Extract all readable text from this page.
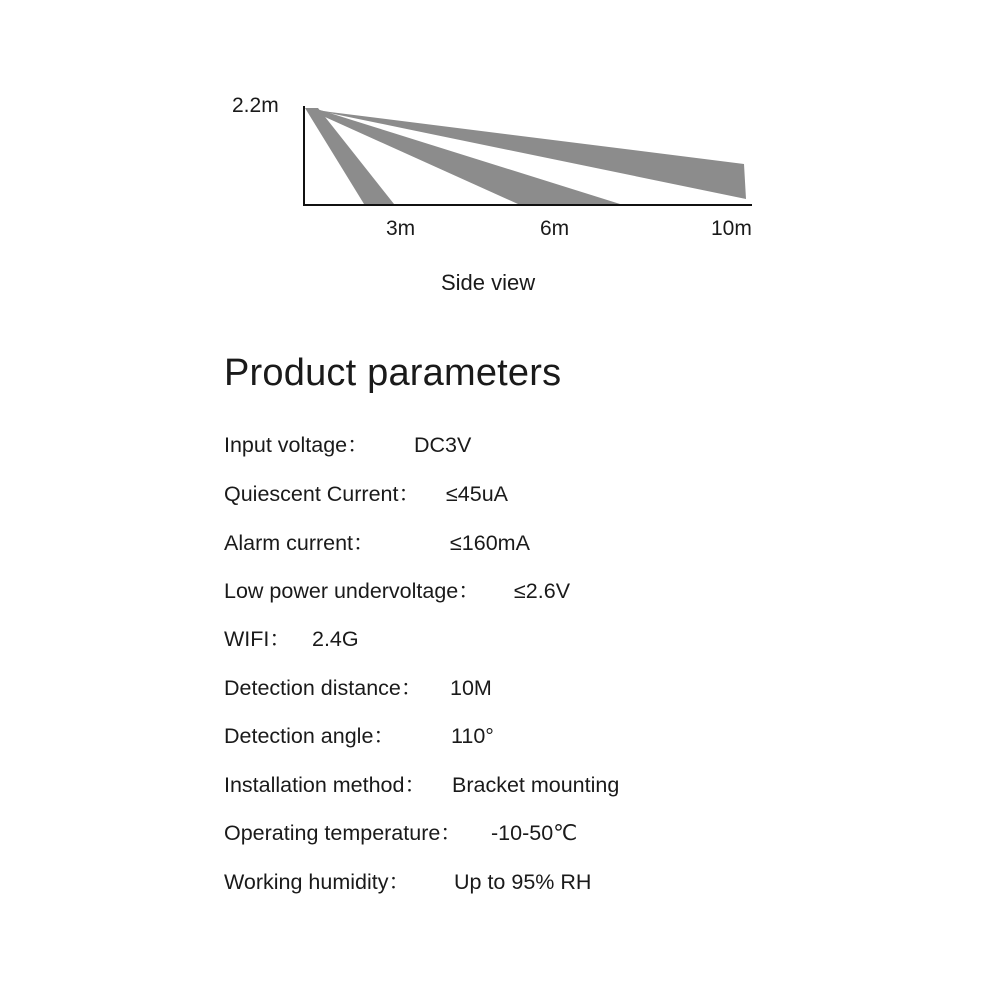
2.2m
3m	6m	10m
Side view
Product parameters
Input voltage： DC3V
Quiescent Current： ≤45uA
Alarm current：	≤160mA
Low power undervoltage： ≤2.6V
WIFI： 2.4G
Detection distance： 10M
Detection angle：	110°
Installation method： Bracket mounting
Operating temperature： -10-50℃
Working humidity： Up to 95% RH
